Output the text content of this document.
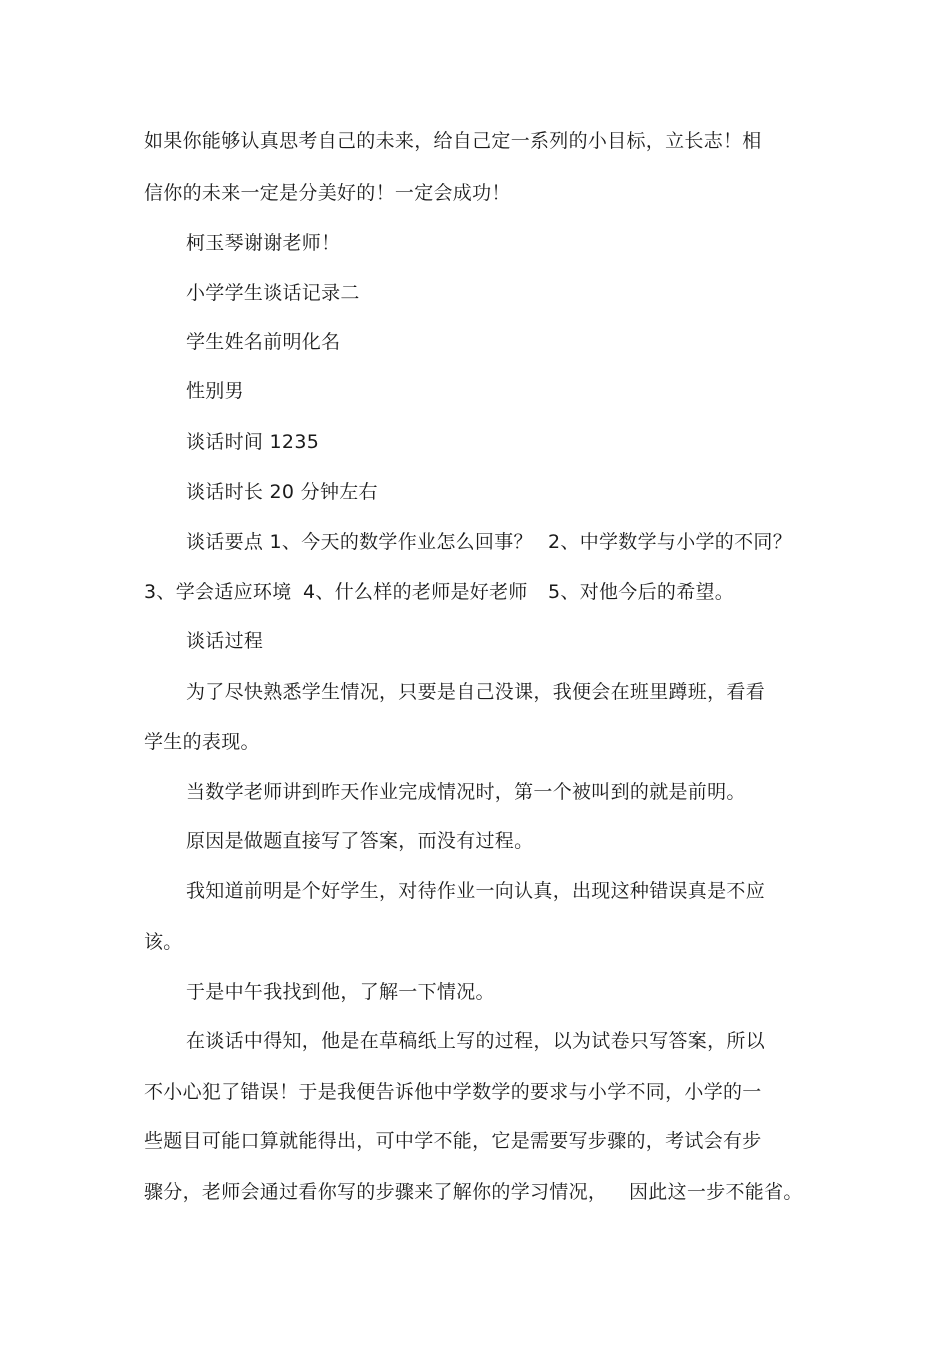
如果你能够认真思考自己的未来，给自己定一系列的小目标，立长志！相
信你的未来一定是分美好的！一定会成功！
柯玉琴谢谢老师！
小学学生谈话记录二
学生姓名前明化名
性别男
谈话时间 1235
谈话时长 20 分钟左右
谈话要点 1、今天的数学作业怎么回事？ 2、中学数学与小学的不同？
3、学会适应环境 4、什么样的老师是好老师 5、对他今后的希望。
谈话过程
为了尽快熟悉学生情况，只要是自己没课，我便会在班里蹲班，看看
学生的表现。
当数学老师讲到昨天作业完成情况时，第一个被叫到的就是前明。
原因是做题直接写了答案，而没有过程。
我知道前明是个好学生，对待作业一向认真，出现这种错误真是不应
该。
于是中午我找到他，了解一下情况。
在谈话中得知，他是在草稿纸上写的过程，以为试卷只写答案，所以
不小心犯了错误！于是我便告诉他中学数学的要求与小学不同，小学的一
些题目可能口算就能得出，可中学不能，它是需要写步骤的，考试会有步
骤分，老师会通过看你写的步骤来了解你的学习情况， 因此这一步不能省。
